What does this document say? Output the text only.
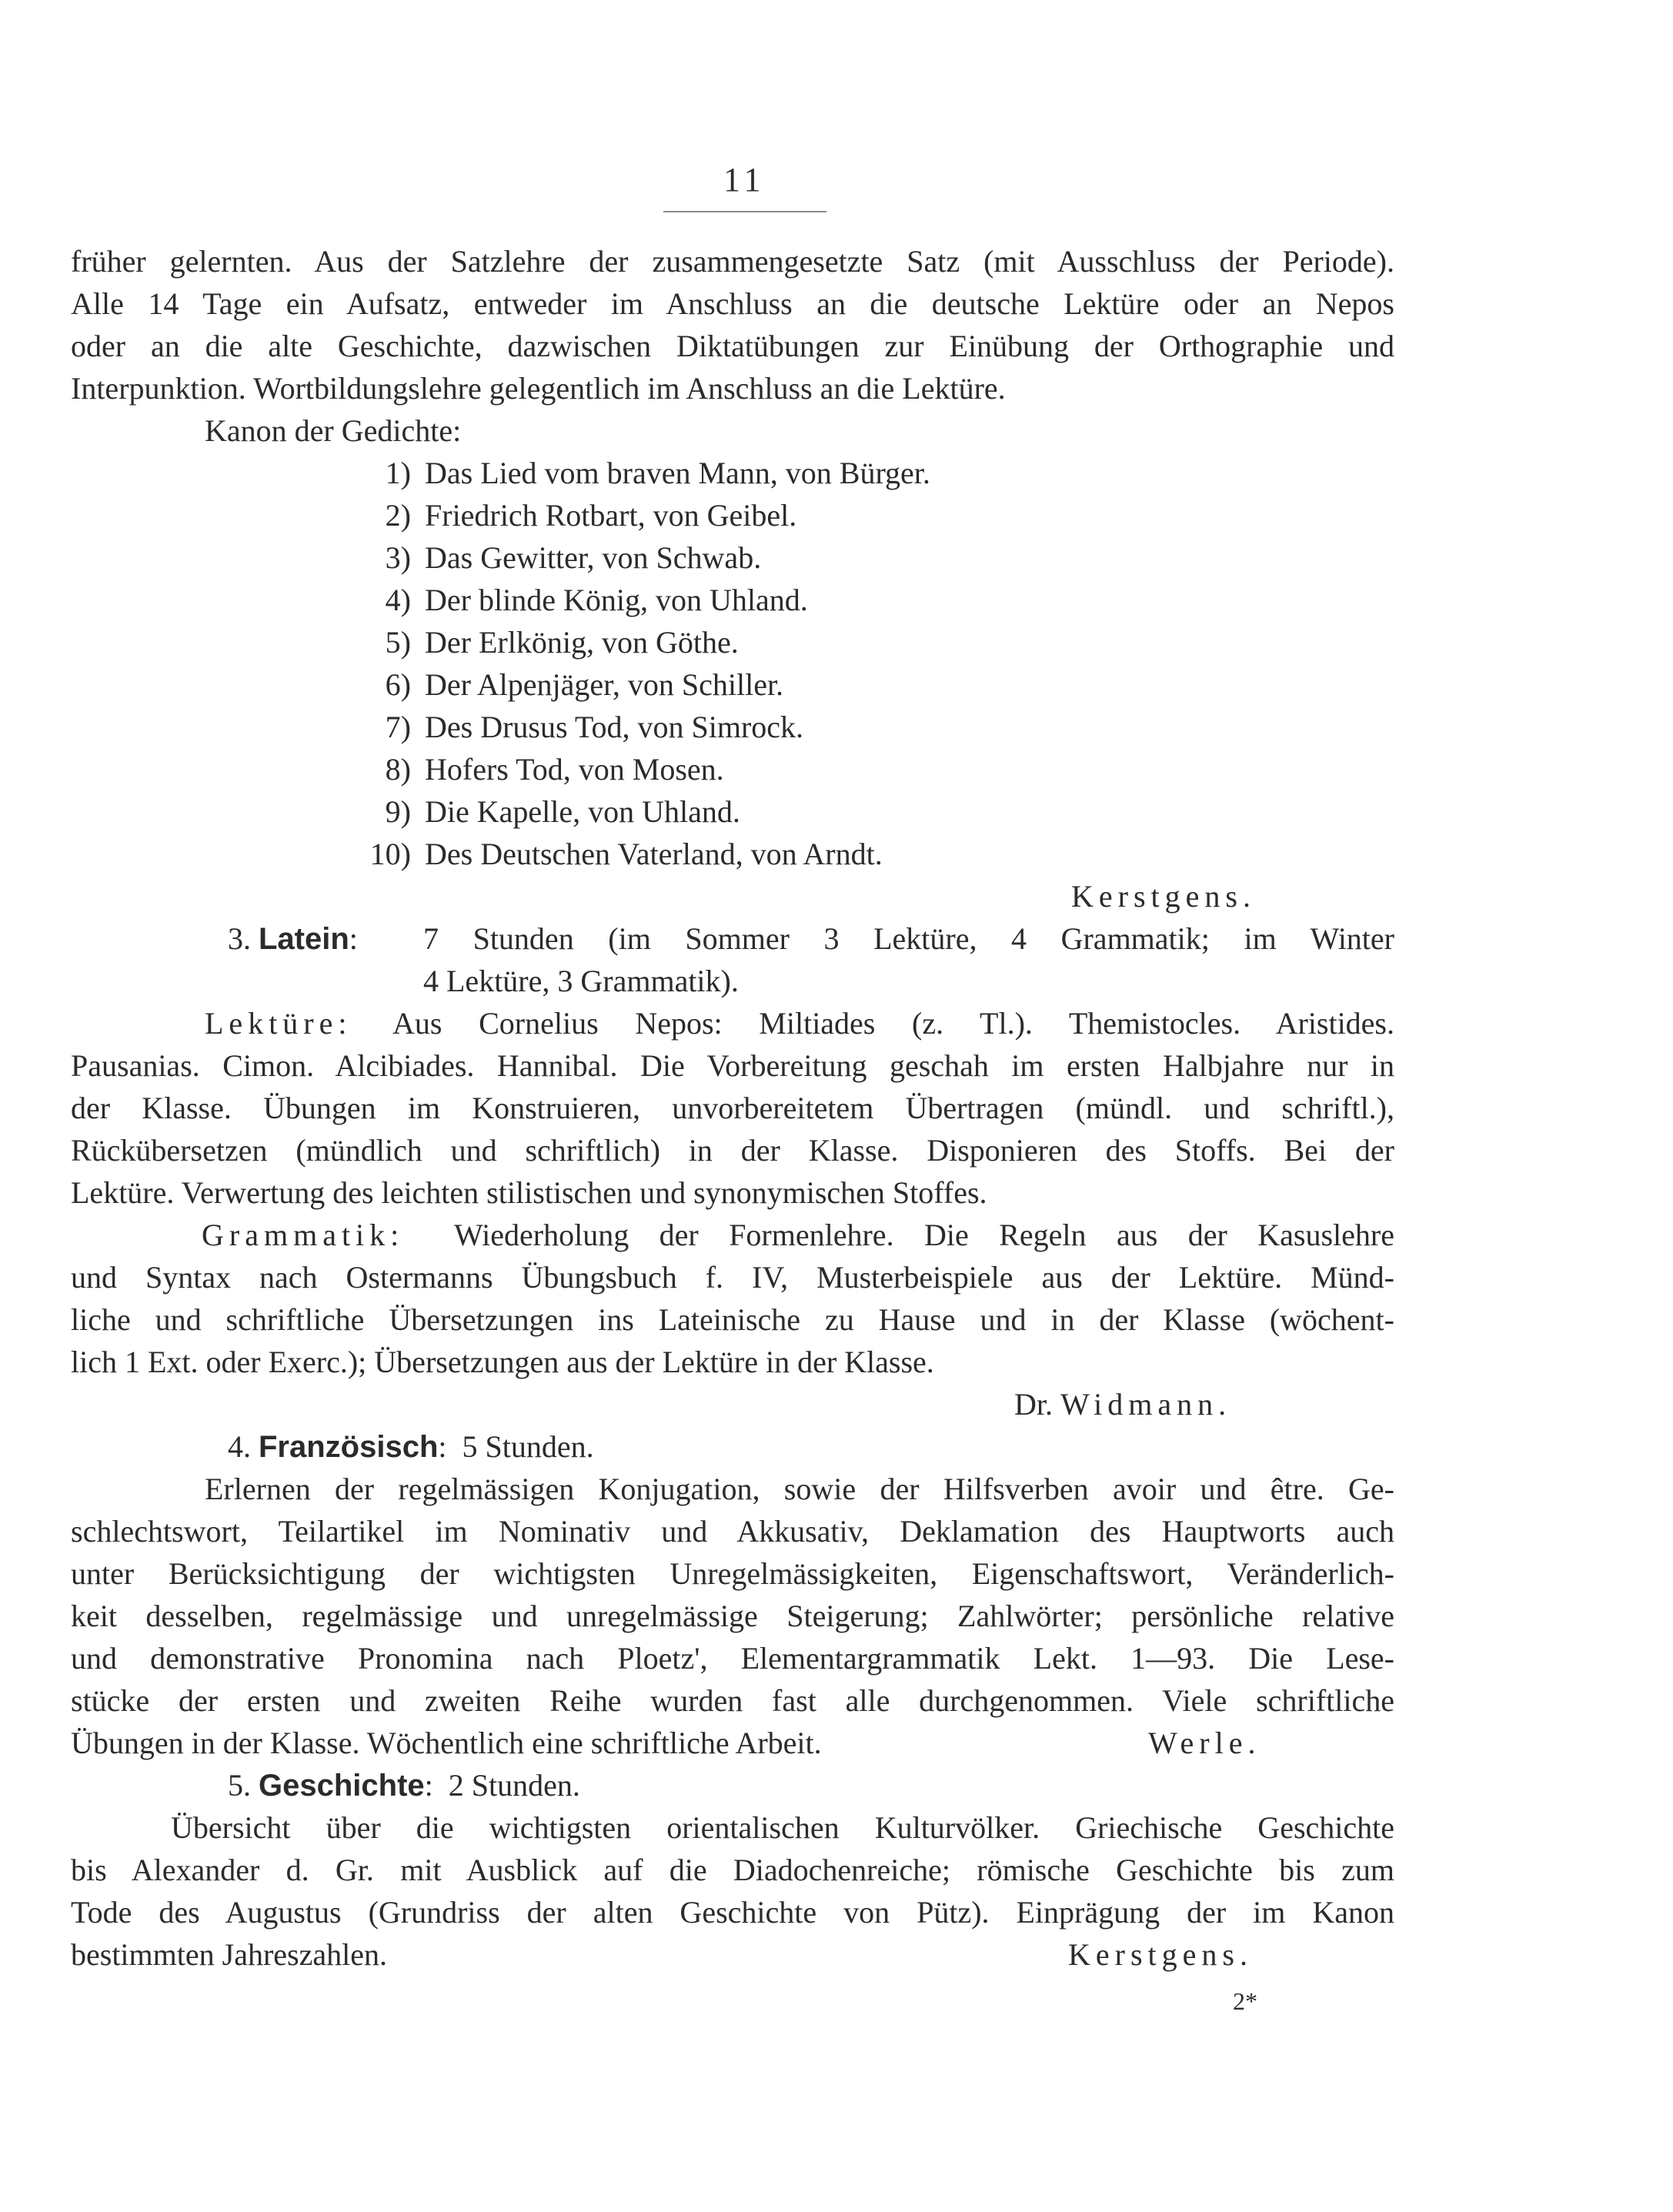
11
früher gelernten. Aus der Satzlehre der zusammengesetzte Satz (mit Ausschluss der Periode).
Alle 14 Tage ein Aufsatz, entweder im Anschluss an die deutsche Lektüre oder an Nepos
oder an die alte Geschichte, dazwischen Diktatübungen zur Einübung der Orthographie und
Interpunktion. Wortbildungslehre gelegentlich im Anschluss an die Lektüre.
Kanon der Gedichte:
1) Das Lied vom braven Mann, von Bürger.
2) Friedrich Rotbart, von Geibel.
3) Das Gewitter, von Schwab.
4) Der blinde König, von Uhland.
5) Der Erlkönig, von Göthe.
6) Der Alpenjäger, von Schiller.
7) Des Drusus Tod, von Simrock.
8) Hofers Tod, von Mosen.
9) Die Kapelle, von Uhland.
10) Des Deutschen Vaterland, von Arndt.
Kerstgens.
3. Latein:	7 Stunden (im Sommer 3 Lektüre, 4 Grammatik; im Winter
4 Lektüre, 3 Grammatik).
Lektüre:	Aus Cornelius Nepos: Miltiades (z. Tl.). Themistocles. Aristides.
Pausanias. Cimon. Alcibiades. Hannibal. Die Vorbereitung geschah im ersten Halbjahre nur in
der Klasse. Übungen im Konstruieren, unvorbereitetem Übertragen (mündl. und schriftl.),
Rückübersetzen (mündlich und schriftlich) in der Klasse. Disponieren des Stoffs. Bei der
Lektüre. Verwertung des leichten stilistischen und synonymischen Stoffes.
Grammatik:	Wiederholung der Formenlehre. Die Regeln aus der Kasuslehre
und Syntax nach Ostermanns Übungsbuch f. IV, Musterbeispiele aus der Lektüre. Münd-
liche und schriftliche Übersetzungen ins Lateinische zu Hause und in der Klasse (wöchent-
lich 1 Ext. oder Exerc.); Übersetzungen aus der Lektüre in der Klasse.
Dr. Widmann.
4. Französisch: 5 Stunden.
Erlernen der regelmässigen Konjugation, sowie der Hilfsverben avoir und être. Ge-
schlechtswort, Teilartikel im Nominativ und Akkusativ, Deklamation des Hauptworts auch
unter Berücksichtigung der wichtigsten Unregelmässigkeiten, Eigenschaftswort, Veränderlich-
keit desselben, regelmässige und unregelmässige Steigerung; Zahlwörter; persönliche relative
und demonstrative Pronomina nach Ploetz', Elementargrammatik Lekt. 1—93. Die Lese-
stücke der ersten und zweiten Reihe wurden fast alle durchgenommen. Viele schriftliche
Übungen in der Klasse. Wöchentlich eine schriftliche Arbeit.	Werle.
5. Geschichte: 2 Stunden.
Übersicht über die wichtigsten orientalischen Kulturvölker. Griechische Geschichte
bis Alexander d. Gr. mit Ausblick auf die Diadochenreiche; römische Geschichte bis zum
Tode des Augustus (Grundriss der alten Geschichte von Pütz). Einprägung der im Kanon
bestimmten Jahreszahlen.	Kerstgens.
2*
